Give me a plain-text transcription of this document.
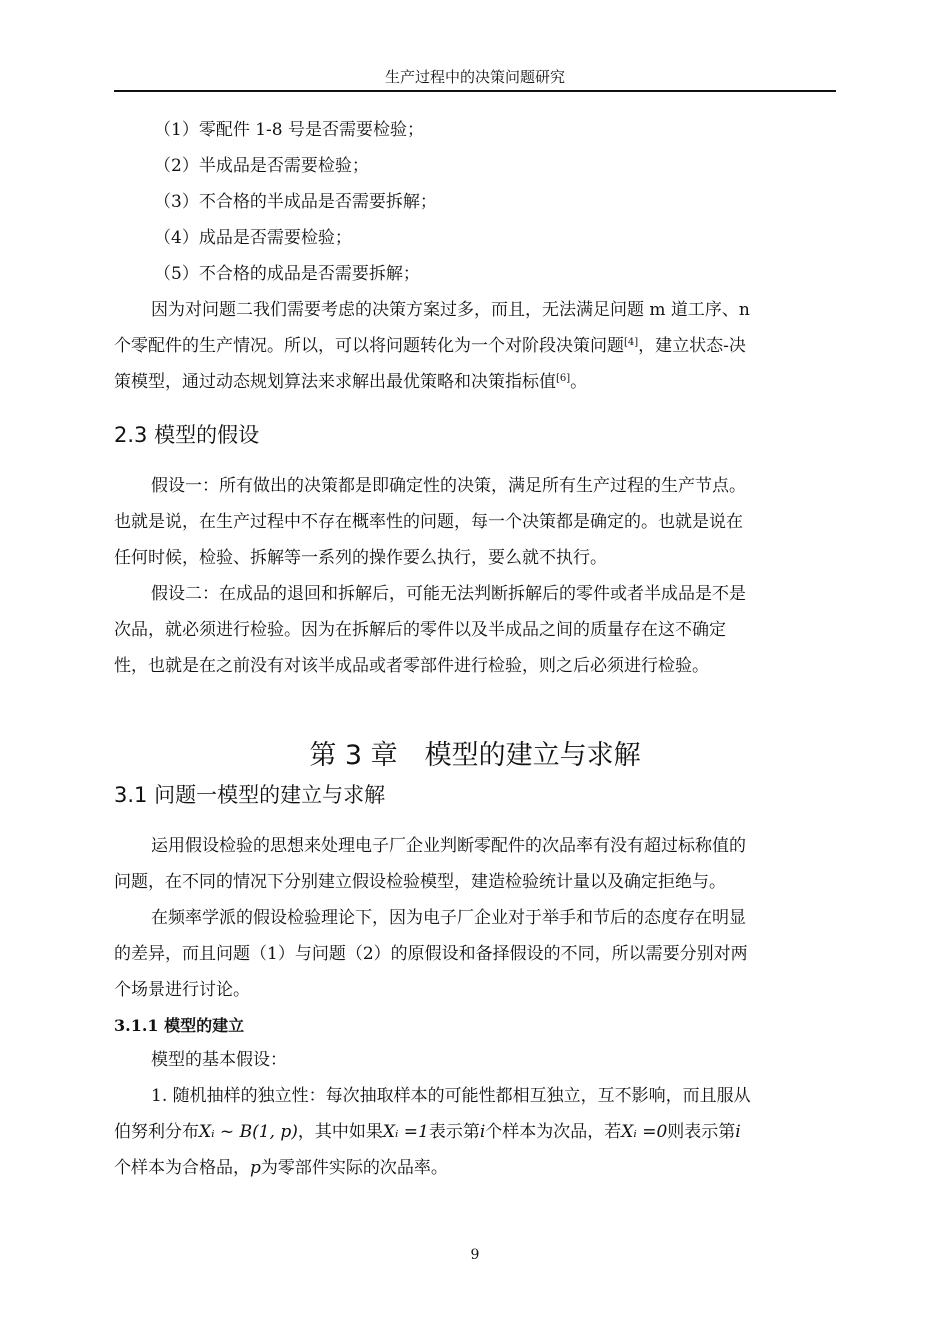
生产过程中的决策问题研究
（1）零配件 1-8 号是否需要检验；
（2）半成品是否需要检验；
（3）不合格的半成品是否需要拆解；
（4）成品是否需要检验；
（5）不合格的成品是否需要拆解；
因为对问题二我们需要考虑的决策方案过多，而且，无法满足问题 m 道工序、n
个零配件的生产情况。所以，可以将问题转化为一个对阶段决策问题[4]，建立状态-决
策模型，通过动态规划算法来求解出最优策略和决策指标值[6]。
2.3 模型的假设
假设一：所有做出的决策都是即确定性的决策，满足所有生产过程的生产节点。
也就是说，在生产过程中不存在概率性的问题，每一个决策都是确定的。也就是说在
任何时候，检验、拆解等一系列的操作要么执行，要么就不执行。
假设二：在成品的退回和拆解后，可能无法判断拆解后的零件或者半成品是不是
次品，就必须进行检验。因为在拆解后的零件以及半成品之间的质量存在这不确定
性，也就是在之前没有对该半成品或者零部件进行检验，则之后必须进行检验。
第 3 章　模型的建立与求解
3.1 问题一模型的建立与求解
运用假设检验的思想来处理电子厂企业判断零配件的次品率有没有超过标称值的
问题，在不同的情况下分别建立假设检验模型，建造检验统计量以及确定拒绝与。
在频率学派的假设检验理论下，因为电子厂企业对于举手和节后的态度存在明显
的差异，而且问题（1）与问题（2）的原假设和备择假设的不同，所以需要分别对两
个场景进行讨论。
3.1.1 模型的建立
模型的基本假设：
1. 随机抽样的独立性：每次抽取样本的可能性都相互独立，互不影响，而且服从
伯努利分布Xᵢ ~ B(1, p)，其中如果Xᵢ =1表示第i个样本为次品，若Xᵢ =0则表示第i
个样本为合格品，p为零部件实际的次品率。
9
